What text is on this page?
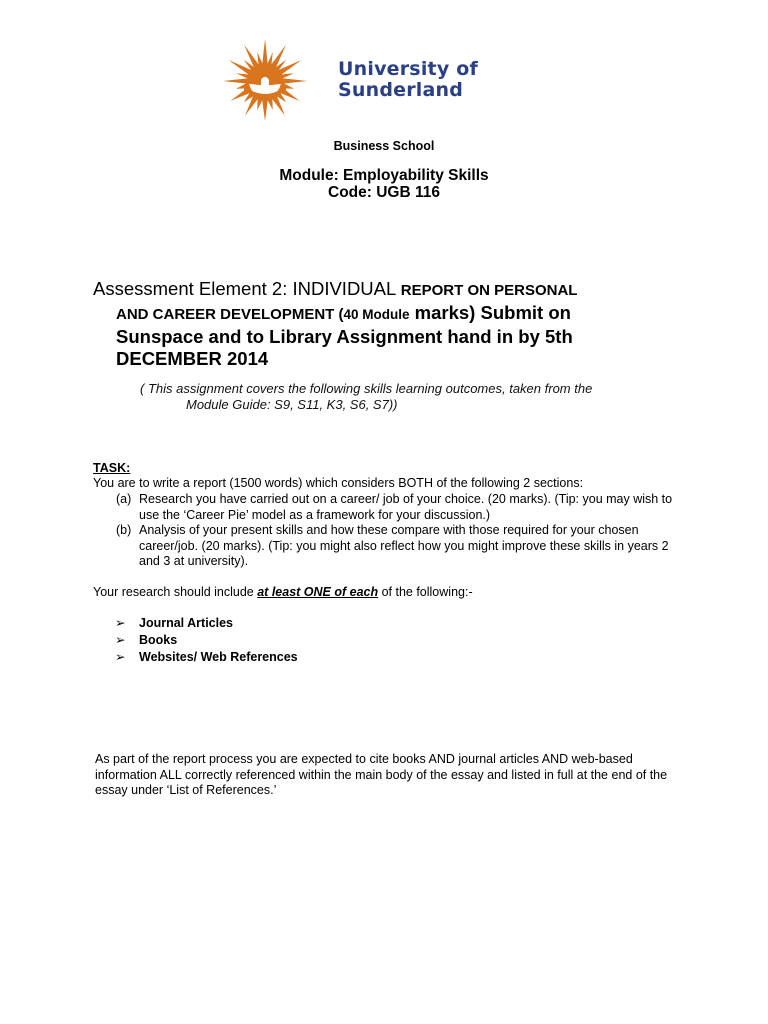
University of
Sunderland
Business School
Module: Employability Skills
Code: UGB 116
Assessment Element 2: INDIVIDUAL REPORT ON PERSONAL
AND CAREER DEVELOPMENT (40 Module marks) Submit on
Sunspace and to Library Assignment hand in by 5th
DECEMBER 2014
( This assignment covers the following skills learning outcomes, taken from the
Module Guide: S9, S11, K3, S6, S7))
TASK:
You are to write a report (1500 words) which considers BOTH of the following 2 sections:
(a) Research you have carried out on a career/ job of your choice. (20 marks). (Tip: you may wish to use the ‘Career Pie’ model as a framework for your discussion.)
(b) Analysis of your present skills and how these compare with those required for your chosen career/job. (20 marks). (Tip: you might also reflect how you might improve these skills in years 2 and 3 at university).
Your research should include at least ONE of each of the following:-
➢ Journal Articles
➢ Books
➢ Websites/ Web References
As part of the report process you are expected to cite books AND journal articles AND web-based information ALL correctly referenced within the main body of the essay and listed in full at the end of the essay under ‘List of References.’
